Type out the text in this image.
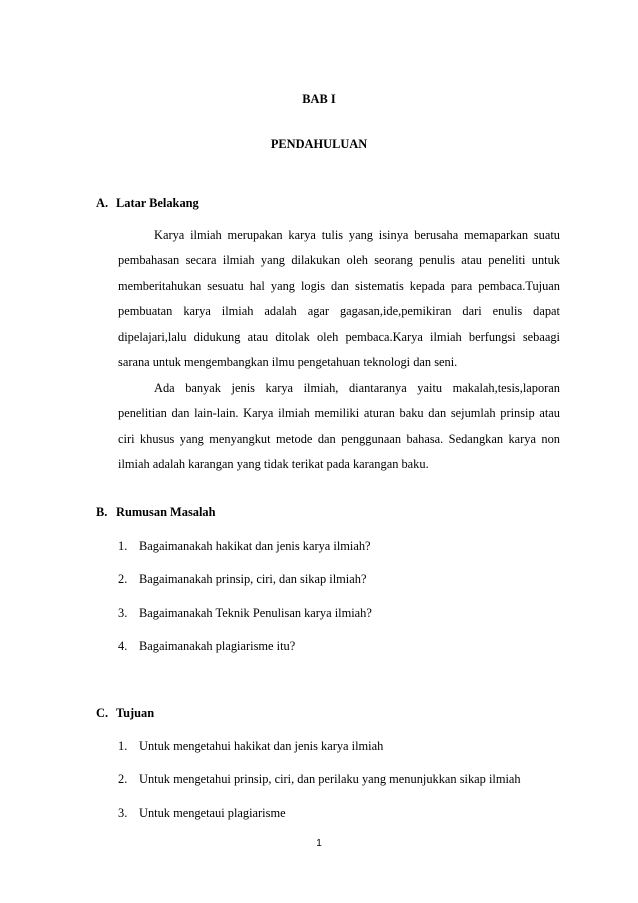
BAB I
PENDAHULUAN
A. Latar Belakang
Karya ilmiah merupakan karya tulis yang isinya berusaha memaparkan suatu
pembahasan secara ilmiah yang dilakukan oleh seorang penulis atau peneliti untuk
memberitahukan sesuatu hal yang logis dan sistematis kepada para pembaca.Tujuan
pembuatan karya ilmiah adalah agar gagasan,ide,pemikiran dari enulis dapat
dipelajari,lalu didukung atau ditolak oleh pembaca.Karya ilmiah berfungsi sebaagi
sarana untuk mengembangkan ilmu pengetahuan teknologi dan seni.
Ada banyak jenis karya ilmiah, diantaranya yaitu makalah,tesis,laporan
penelitian dan lain-lain. Karya ilmiah memiliki aturan baku dan sejumlah prinsip atau
ciri khusus yang menyangkut metode dan penggunaan bahasa. Sedangkan karya non
ilmiah adalah karangan yang tidak terikat pada karangan baku.
B. Rumusan Masalah
1. Bagaimanakah hakikat dan jenis karya ilmiah?
2. Bagaimanakah prinsip, ciri, dan sikap ilmiah?
3. Bagaimanakah Teknik Penulisan karya ilmiah?
4. Bagaimanakah plagiarisme itu?
C. Tujuan
1. Untuk mengetahui hakikat dan jenis karya ilmiah
2. Untuk mengetahui prinsip, ciri, dan perilaku yang menunjukkan sikap ilmiah
3. Untuk mengetaui plagiarisme
1
